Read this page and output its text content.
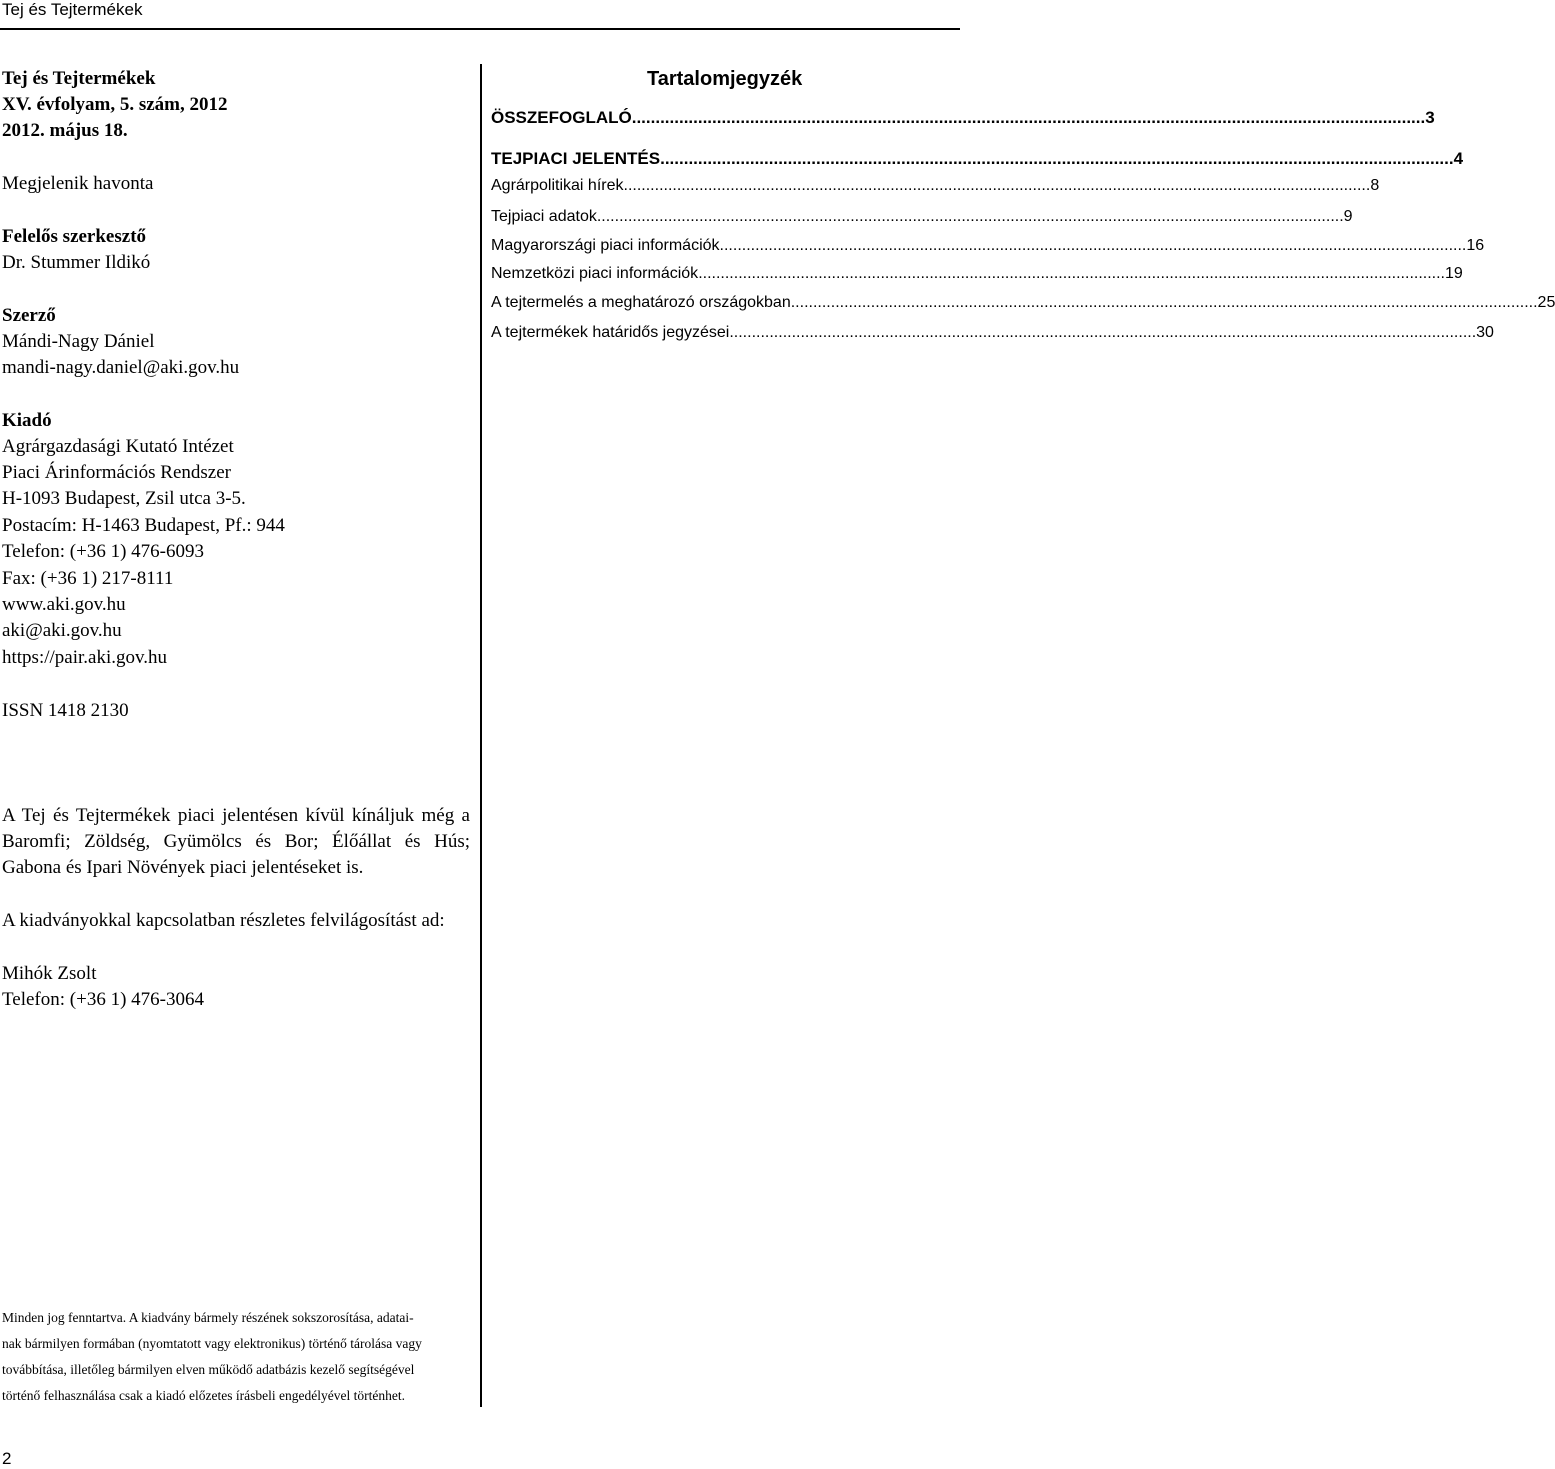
Tej és Tejtermékek
Tej és Tejtermékek
XV. évfolyam, 5. szám, 2012
2012. május 18.
Megjelenik havonta
Felelős szerkesztő
Dr. Stummer Ildikó
Szerző
Mándi-Nagy Dániel
mandi-nagy.daniel@aki.gov.hu
Kiadó
Agrárgazdasági Kutató Intézet
Piaci Árinformációs Rendszer
H-1093 Budapest, Zsil utca 3-5.
Postacím: H-1463 Budapest, Pf.: 944
Telefon: (+36 1) 476-6093
Fax: (+36 1) 217-8111
www.aki.gov.hu
aki@aki.gov.hu
https://pair.aki.gov.hu
ISSN 1418 2130
A Tej és Tejtermékek piaci jelentésen kívül kínáljuk még a Baromfi; Zöldség, Gyümölcs és Bor; Élőállat és Hús; Gabona és Ipari Növények piaci jelentéseket is.
A kiadványokkal kapcsolatban részletes felvilágosítást ad:
Mihók Zsolt
Telefon: (+36 1) 476-3064
Minden jog fenntartva. A kiadvány bármely részének sokszorosítása, adatai-
nak bármilyen formában (nyomtatott vagy elektronikus) történő tárolása vagy
továbbítása, illetőleg bármilyen elven működő adatbázis kezelő segítségével
történő felhasználása csak a kiadó előzetes írásbeli engedélyével történhet.
Tartalomjegyzék
ÖSSZEFOGLALÓ .....	3
TEJPIACI JELENTÉS .....	4
Agrárpolitikai hírek .....	8
Tejpiaci adatok .....	9
Magyarországi piaci információk .....	16
Nemzetközi piaci információk .....	19
A tejtermelés a meghatározó országokban .....	25
A tejtermékek határidős jegyzései .....	30
2
